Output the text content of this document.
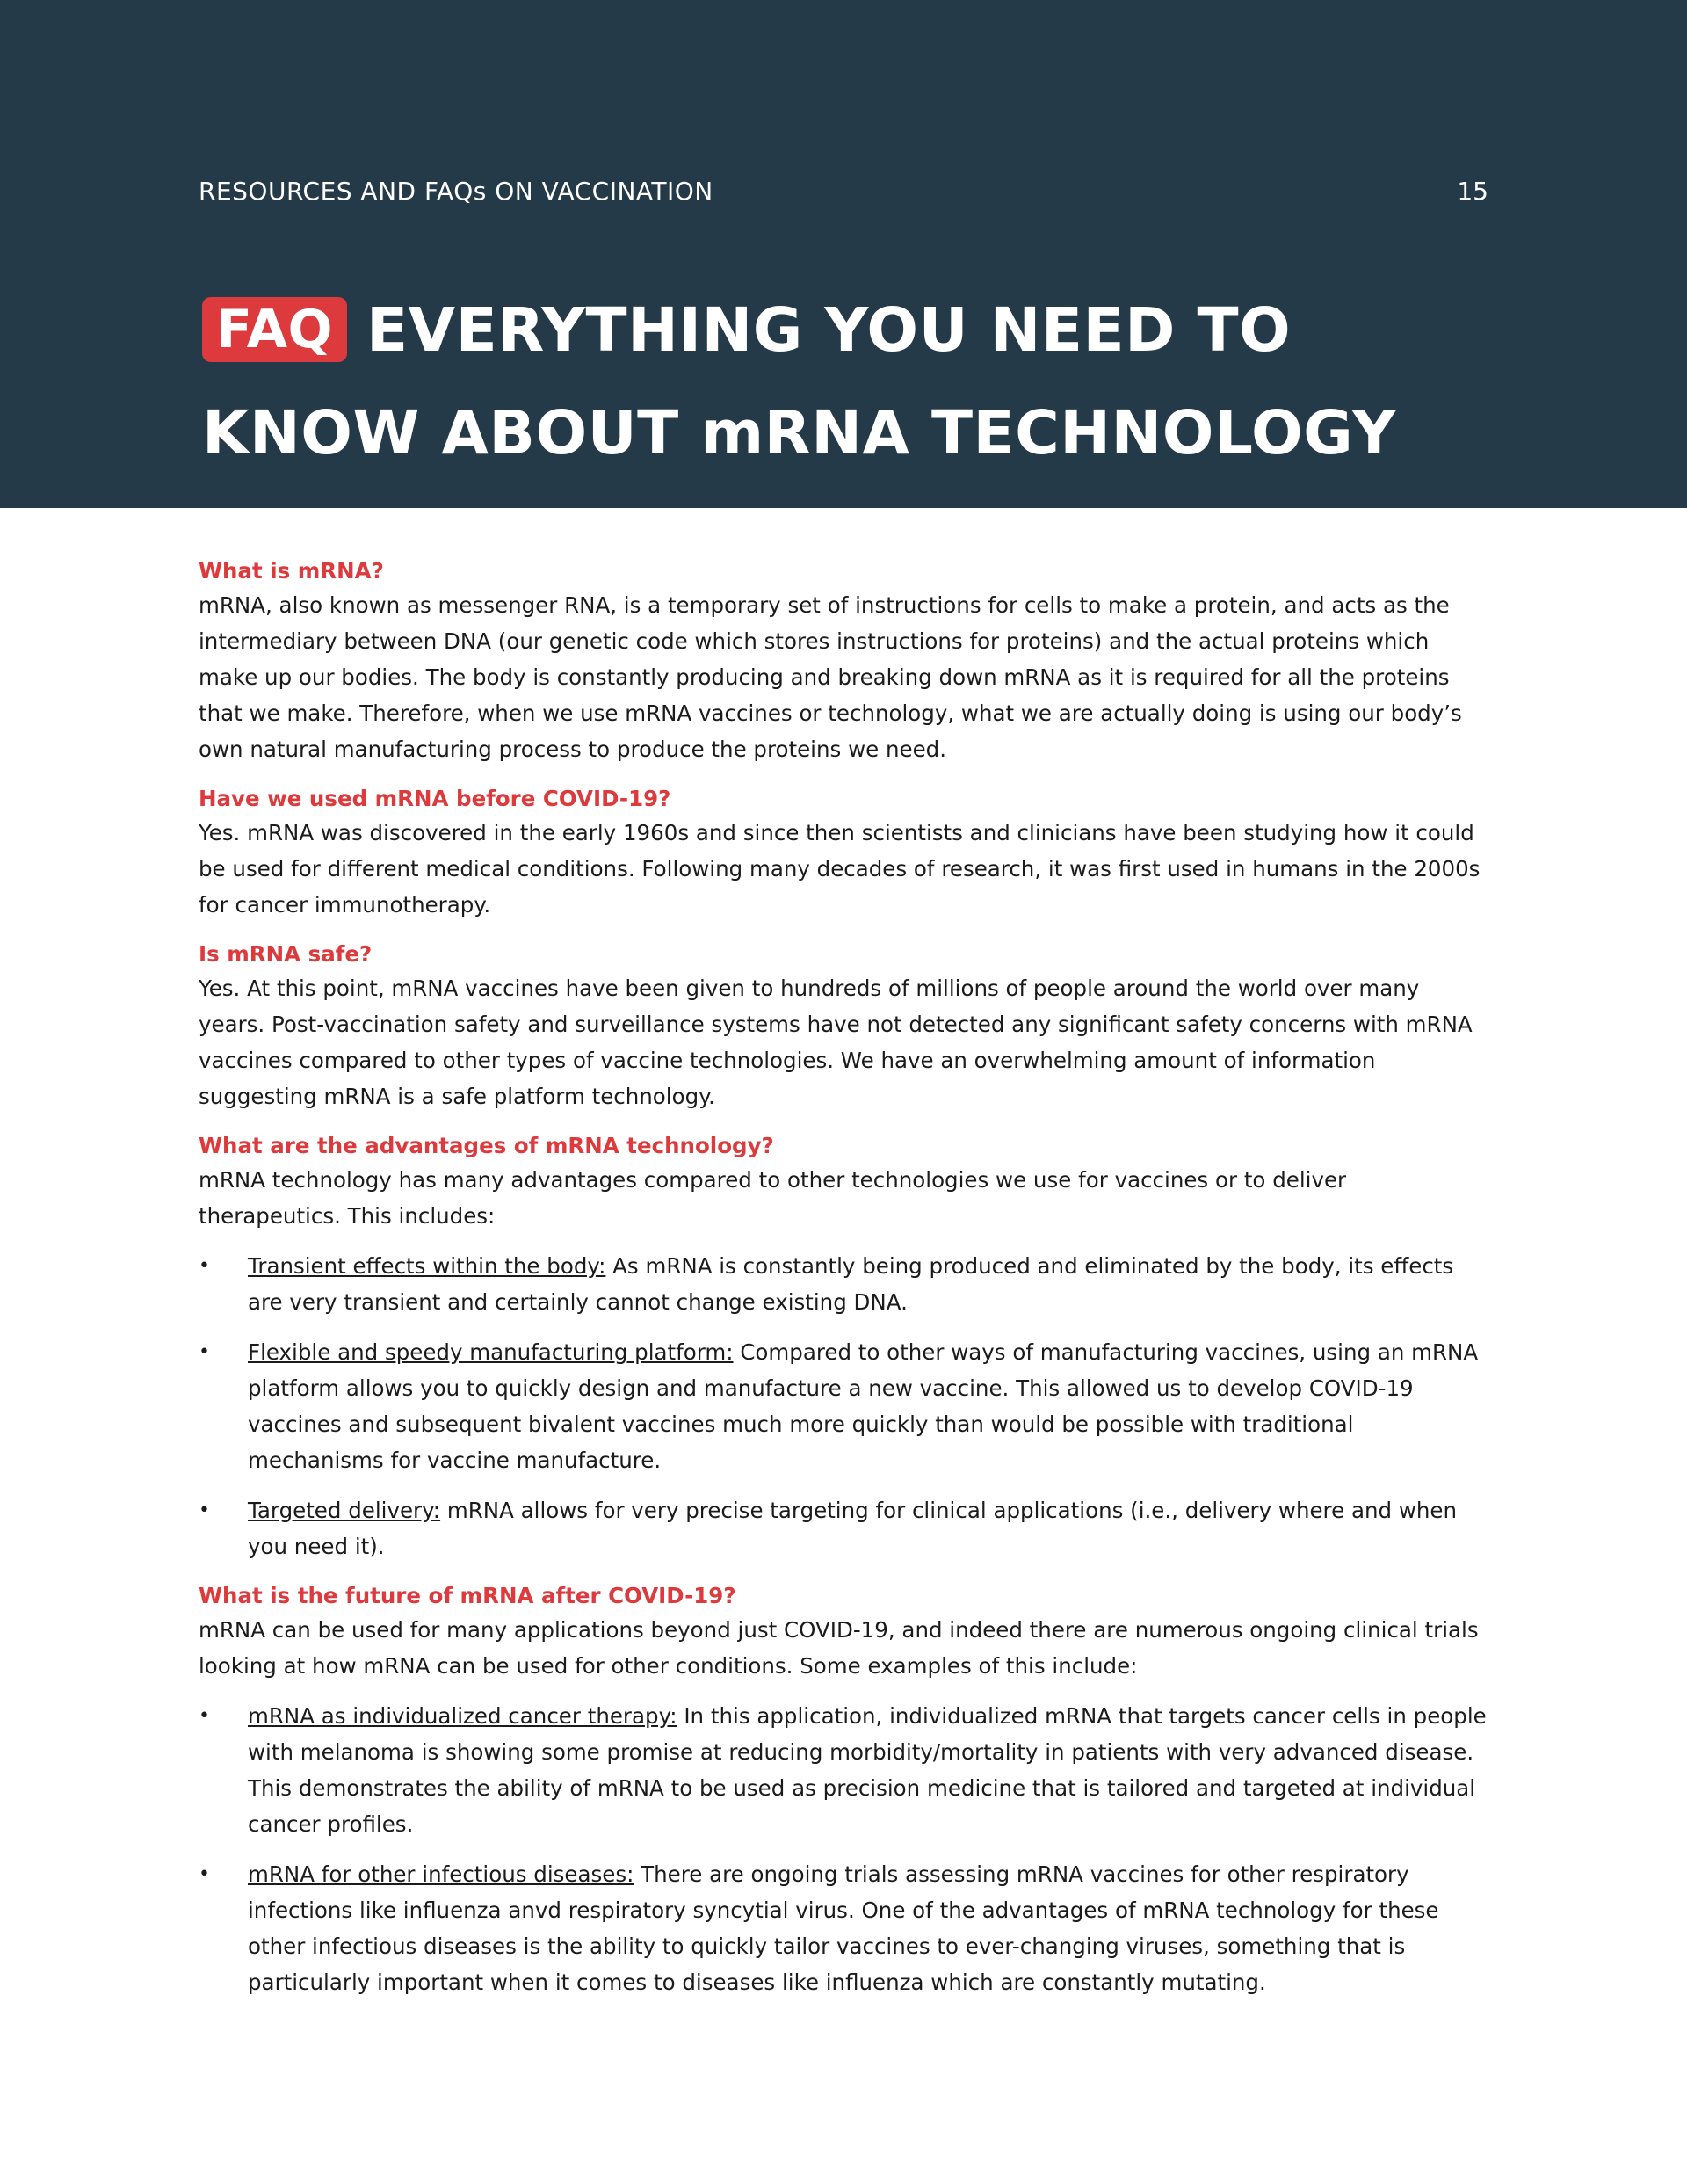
RESOURCES AND FAQs ON VACCINATION	15
FAQ EVERYTHING YOU NEED TO
KNOW ABOUT mRNA TECHNOLOGY
What is mRNA?

mRNA, also known as messenger RNA, is a temporary set of instructions for cells to make a protein, and acts as the intermediary between DNA (our genetic code which stores instructions for proteins) and the actual proteins which make up our bodies. The body is constantly producing and breaking down mRNA as it is required for all the proteins that we make. Therefore, when we use mRNA vaccines or technology, what we are actually doing is using our body’s own natural manufacturing process to produce the proteins we need.

Have we used mRNA before COVID-19?

Yes. mRNA was discovered in the early 1960s and since then scientists and clinicians have been studying how it could be used for different medical conditions. Following many decades of research, it was first used in humans in the 2000s for cancer immunotherapy.

Is mRNA safe?

Yes. At this point, mRNA vaccines have been given to hundreds of millions of people around the world over many years. Post-vaccination safety and surveillance systems have not detected any significant safety concerns with mRNA vaccines compared to other types of vaccine technologies. We have an overwhelming amount of information suggesting mRNA is a safe platform technology.

What are the advantages of mRNA technology?

mRNA technology has many advantages compared to other technologies we use for vaccines or to deliver therapeutics. This includes:

• Transient effects within the body: As mRNA is constantly being produced and eliminated by the body, its effects are very transient and certainly cannot change existing DNA.
• Flexible and speedy manufacturing platform: Compared to other ways of manufacturing vaccines, using an mRNA platform allows you to quickly design and manufacture a new vaccine. This allowed us to develop COVID-19 vaccines and subsequent bivalent vaccines much more quickly than would be possible with traditional mechanisms for vaccine manufacture.
• Targeted delivery: mRNA allows for very precise targeting for clinical applications (i.e., delivery where and when you need it).
What is the future of mRNA after COVID-19?

mRNA can be used for many applications beyond just COVID-19, and indeed there are numerous ongoing clinical trials looking at how mRNA can be used for other conditions. Some examples of this include:

• mRNA as individualized cancer therapy: In this application, individualized mRNA that targets cancer cells in people with melanoma is showing some promise at reducing morbidity/mortality in patients with very advanced disease. This demonstrates the ability of mRNA to be used as precision medicine that is tailored and targeted at individual cancer profiles.
• mRNA for other infectious diseases: There are ongoing trials assessing mRNA vaccines for other respiratory infections like influenza anvd respiratory syncytial virus. One of the advantages of mRNA technology for these other infectious diseases is the ability to quickly tailor vaccines to ever-changing viruses, something that is particularly important when it comes to diseases like influenza which are constantly mutating.
